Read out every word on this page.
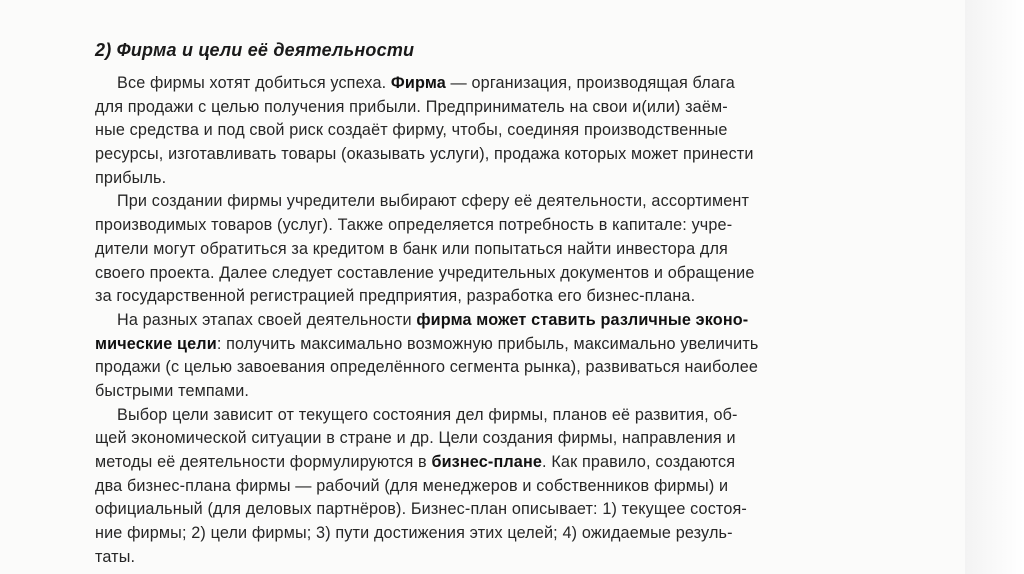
2) Фирма и цели её деятельности
Все фирмы хотят добиться успеха. Фирма — организация, производящая блага
для продажи с целью получения прибыли. Предприниматель на свои и(или) заём-
ные средства и под свой риск создаёт фирму, чтобы, соединяя производственные
ресурсы, изготавливать товары (оказывать услуги), продажа которых может принести
прибыль.
При создании фирмы учредители выбирают сферу её деятельности, ассортимент
производимых товаров (услуг). Также определяется потребность в капитале: учре-
дители могут обратиться за кредитом в банк или попытаться найти инвестора для
своего проекта. Далее следует составление учредительных документов и обращение
за государственной регистрацией предприятия, разработка его бизнес-плана.
На разных этапах своей деятельности фирма может ставить различные эконо-
мические цели: получить максимально возможную прибыль, максимально увеличить
продажи (с целью завоевания определённого сегмента рынка), развиваться наиболее
быстрыми темпами.
Выбор цели зависит от текущего состояния дел фирмы, планов её развития, об-
щей экономической ситуации в стране и др. Цели создания фирмы, направления и
методы её деятельности формулируются в бизнес-плане. Как правило, создаются
два бизнес-плана фирмы — рабочий (для менеджеров и собственников фирмы) и
официальный (для деловых партнёров). Бизнес-план описывает: 1) текущее состоя-
ние фирмы; 2) цели фирмы; 3) пути достижения этих целей; 4) ожидаемые резуль-
таты.
